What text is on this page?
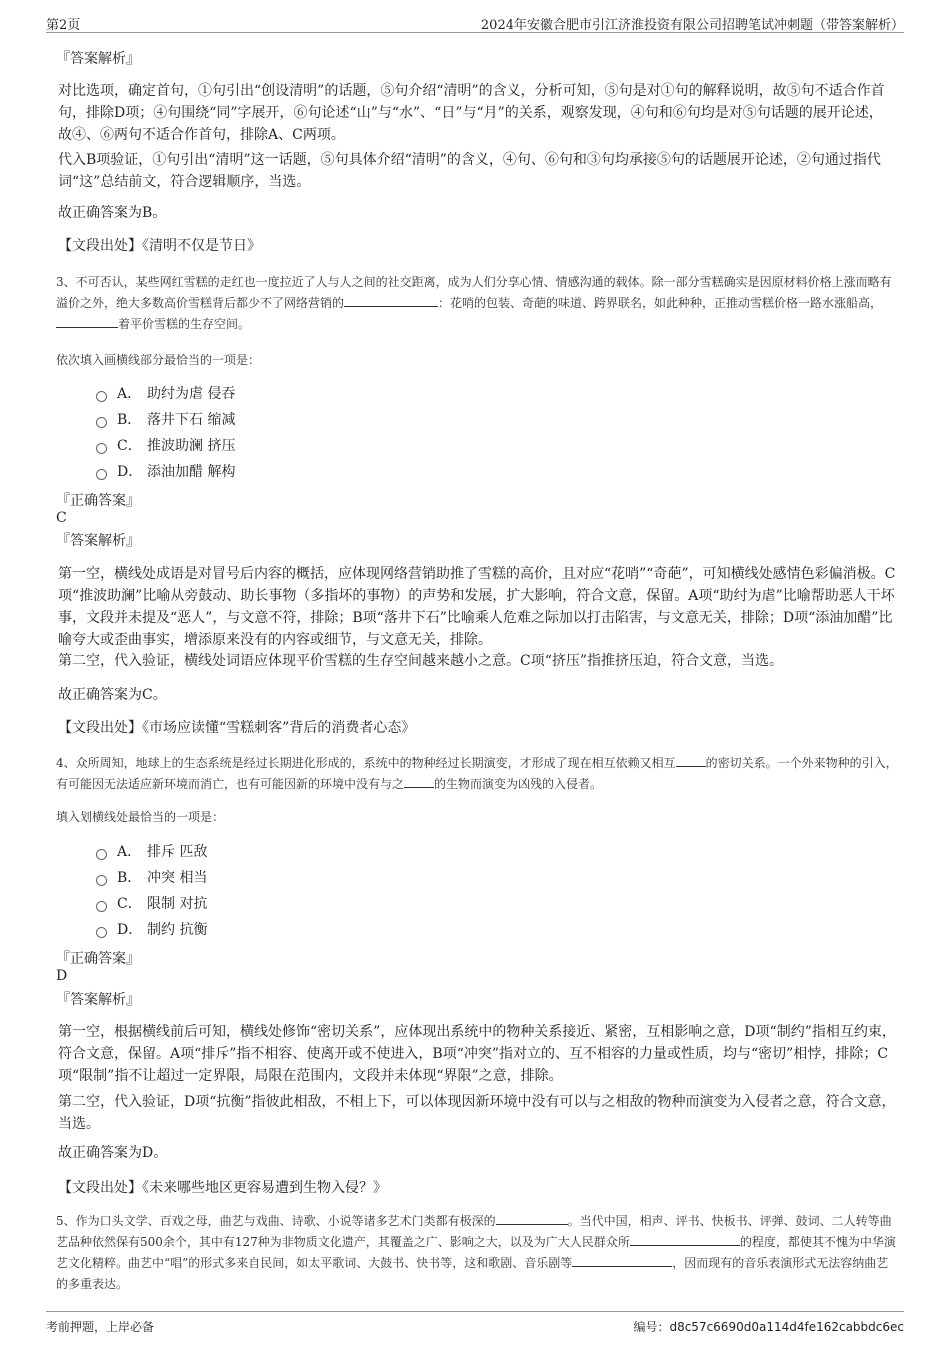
第2页	2024年安徽合肥市引江济淮投资有限公司招聘笔试冲刺题（带答案解析）
『答案解析』

对比选项，确定首句，①句引出“创设清明”的话题，⑤句介绍“清明”的含义，分析可知，⑤句是对①句的解释说明，故⑤句不适合作首句，排除D项；④句围绕“同”字展开，⑥句论述“山”与“水”、“日”与“月”的关系，观察发现，④句和⑥句均是对⑤句话题的展开论述，故④、⑥两句不适合作首句，排除A、C两项。

代入B项验证，①句引出“清明”这一话题，⑤句具体介绍“清明”的含义，④句、⑥句和③句均承接⑤句的话题展开论述，②句通过指代词“这”总结前文，符合逻辑顺序，当选。

故正确答案为B。
【文段出处】《清明不仅是节日》

3、不可否认，某些网红雪糕的走红也一度拉近了人与人之间的社交距离，成为人们分享心情、情感沟通的载体。除一部分雪糕确实是因原材料价格上涨而略有溢价之外，绝大多数高价雪糕背后都少不了网络营销的	：花哨的包装、奇葩的味道、跨界联名，如此种种，正推动雪糕价格一路水涨船高，着平价雪糕的生存空间。

依次填入画横线部分最恰当的一项是：
A． 助纣为虐 侵吞
B． 落井下石 缩减
C． 推波助澜 挤压
D． 添油加醋 解构
『正确答案』
C
『答案解析』

第一空，横线处成语是对冒号后内容的概括，应体现网络营销助推了雪糕的高价，且对应“花哨”“奇葩”，可知横线处感情色彩偏消极。C项“推波助澜”比喻从旁鼓动、助长事物（多指坏的事物）的声势和发展，扩大影响，符合文意，保留。A项“助纣为虐”比喻帮助恶人干坏事，文段并未提及“恶人”，与文意不符，排除；B项“落井下石”比喻乘人危难之际加以打击陷害，与文意无关，排除；D项“添油加醋”比喻夸大或歪曲事实，增添原来没有的内容或细节，与文意无关，排除。

第二空，代入验证，横线处词语应体现平价雪糕的生存空间越来越小之意。C项“挤压”指推挤压迫，符合文意，当选。

故正确答案为C。
【文段出处】《市场应读懂“雪糕刺客”背后的消费者心态》

4、众所周知，地球上的生态系统是经过长期进化形成的，系统中的物种经过长期演变，才形成了现在相互依赖又相互	的密切关系。一个外来物种的引入，有可能因无法适应新环境而消亡，也有可能因新的环境中没有与之	的生物而演变为凶残的入侵者。

填入划横线处最恰当的一项是：
A． 排斥 匹敌
B． 冲突 相当
C． 限制 对抗
D． 制约 抗衡
『正确答案』
D
『答案解析』

第一空，根据横线前后可知，横线处修饰“密切关系”，应体现出系统中的物种关系接近、紧密，互相影响之意，D项“制约”指相互约束，符合文意，保留。A项“排斥”指不相容、使离开或不使进入，B项“冲突”指对立的、互不相容的力量或性质，均与“密切”相悖，排除；C项“限制”指不让超过一定界限，局限在范围内，文段并未体现“界限”之意，排除。

第二空，代入验证，D项“抗衡”指彼此相敌，不相上下，可以体现因新环境中没有可以与之相敌的物种而演变为入侵者之意，符合文意，当选。

故正确答案为D。
【文段出处】《未来哪些地区更容易遭到生物入侵？》

5、作为口头文学、百戏之母，曲艺与戏曲、诗歌、小说等诸多艺术门类都有极深的	。当代中国，相声、评书、快板书、评弹、鼓词、二人转等曲艺品种依然保有500余个，其中有127种为非物质文化遗产，其覆盖之广、影响之大，以及为广大人民群众所	的程度，都使其不愧为中华演艺文化精粹。曲艺中“唱”的形式多来自民间，如太平歌词、大鼓书、快书等，这和歌剧、音乐剧等	，因而现有的音乐表演形式无法容纳曲艺的多重表达。

考前押题，上岸必备	编号：d8c57c6690d0a114d4fe162cabbdc6ec
